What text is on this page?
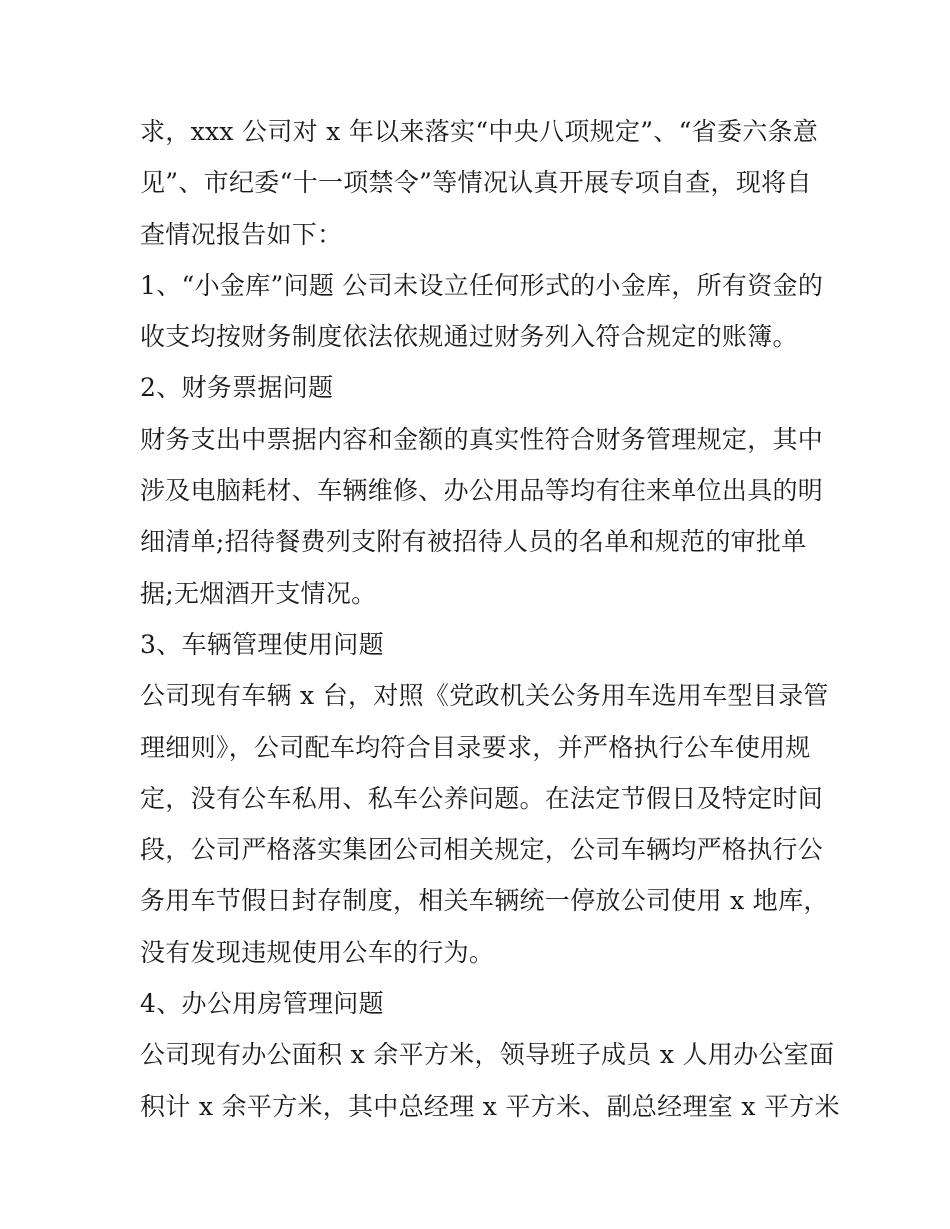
求，xxx 公司对 x 年以来落实“中央八项规定”、“省委六条意
见”、市纪委“十一项禁令”等情况认真开展专项自查，现将自
查情况报告如下：
1、“小金库”问题 公司未设立任何形式的小金库，所有资金的
收支均按财务制度依法依规通过财务列入符合规定的账簿。
2、财务票据问题
财务支出中票据内容和金额的真实性符合财务管理规定，其中
涉及电脑耗材、车辆维修、办公用品等均有往来单位出具的明
细清单;招待餐费列支附有被招待人员的名单和规范的审批单
据;无烟酒开支情况。
3、车辆管理使用问题
公司现有车辆 x 台，对照《党政机关公务用车选用车型目录管
理细则》，公司配车均符合目录要求，并严格执行公车使用规
定，没有公车私用、私车公养问题。在法定节假日及特定时间
段，公司严格落实集团公司相关规定，公司车辆均严格执行公
务用车节假日封存制度，相关车辆统一停放公司使用 x 地库，
没有发现违规使用公车的行为。
4、办公用房管理问题
公司现有办公面积 x 余平方米，领导班子成员 x 人用办公室面
积计 x 余平方米，其中总经理 x 平方米、副总经理室 x 平方米
